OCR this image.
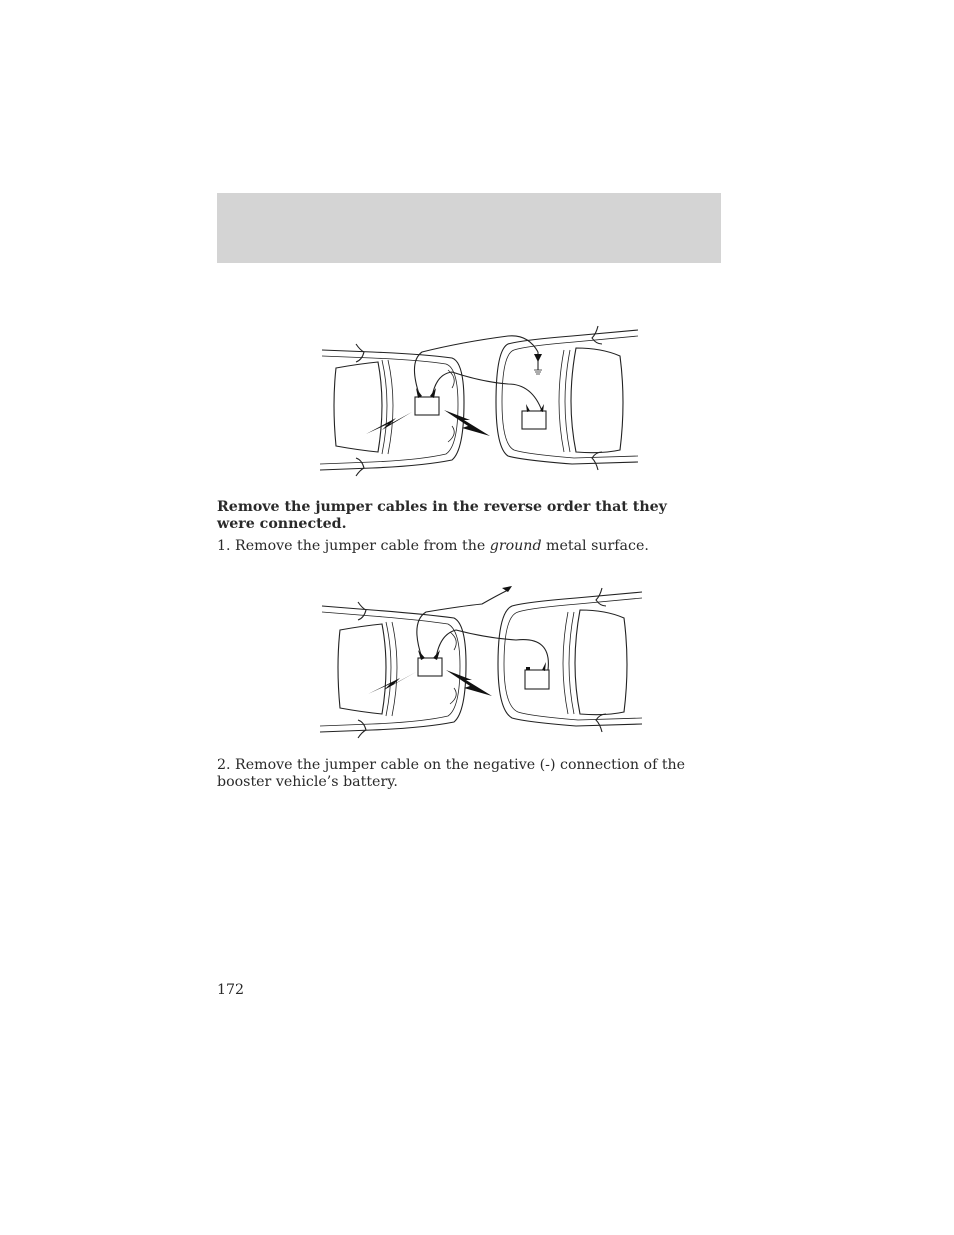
Remove the jumper cables in the reverse order that they were connected.
1. Remove the jumper cable from the ground metal surface.
2. Remove the jumper cable on the negative (-) connection of the booster vehicle’s battery.
172
